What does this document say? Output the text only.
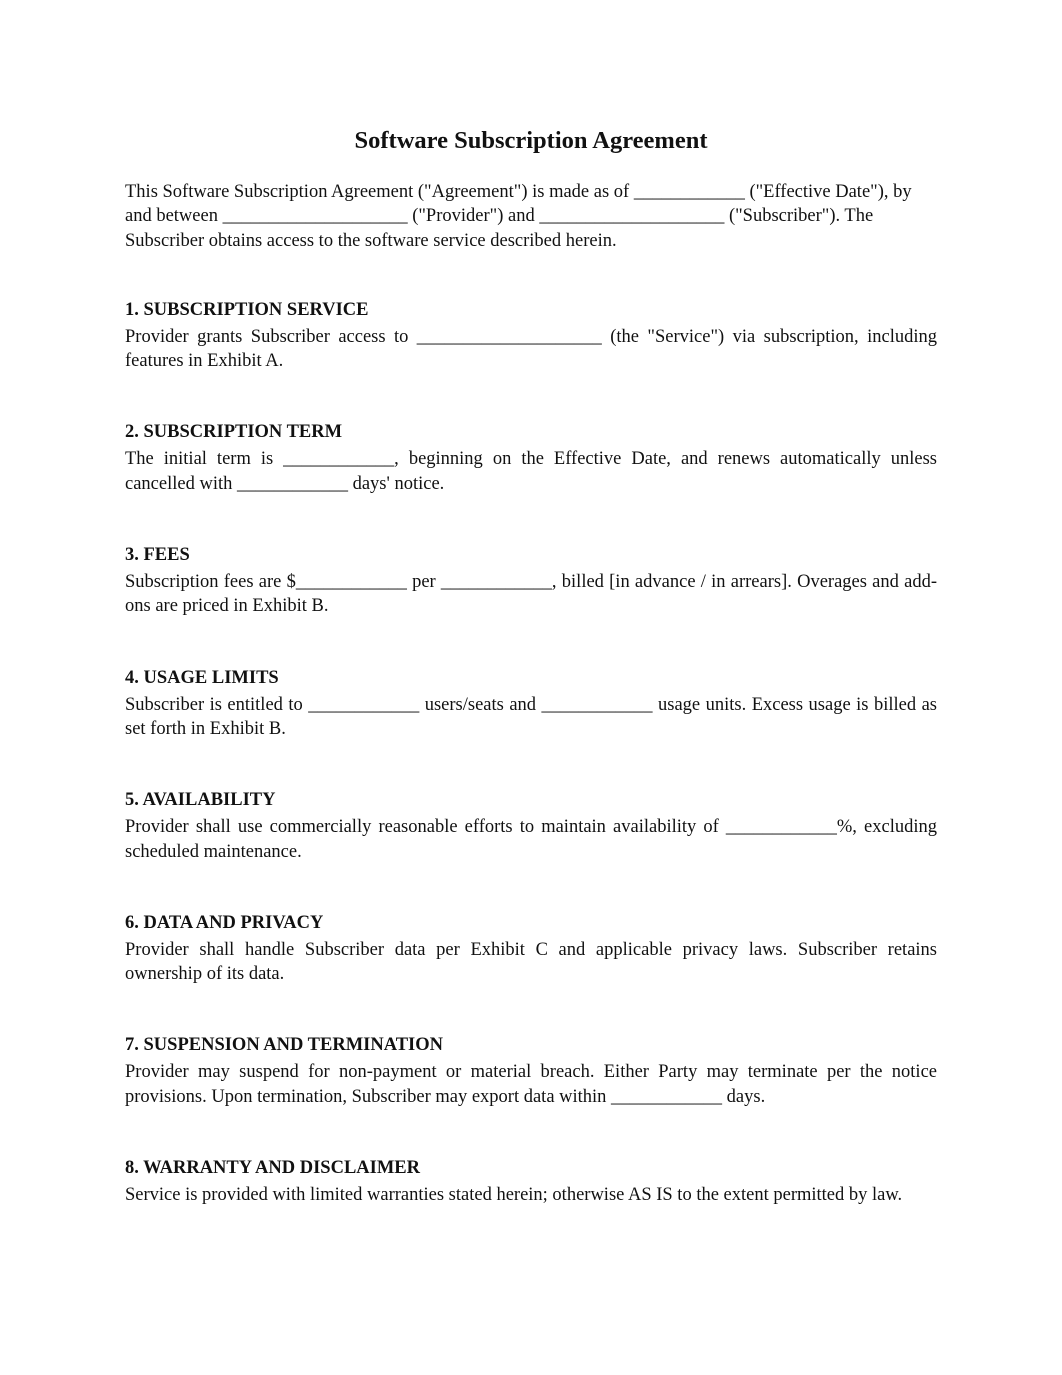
Software Subscription Agreement

This Software Subscription Agreement ("Agreement") is made as of ____________ ("Effective Date"), by and between ____________________ ("Provider") and ____________________ ("Subscriber"). The Subscriber obtains access to the software service described herein.

1. SUBSCRIPTION SERVICE

Provider grants Subscriber access to ____________________ (the "Service") via subscription, including features in Exhibit A.

2. SUBSCRIPTION TERM

The initial term is ____________, beginning on the Effective Date, and renews automatically unless cancelled with ____________ days' notice.

3. FEES

Subscription fees are $____________ per ____________, billed [in advance / in arrears]. Overages and add-ons are priced in Exhibit B.

4. USAGE LIMITS

Subscriber is entitled to ____________ users/seats and ____________ usage units. Excess usage is billed as set forth in Exhibit B.

5. AVAILABILITY

Provider shall use commercially reasonable efforts to maintain availability of ____________%, excluding scheduled maintenance.

6. DATA AND PRIVACY

Provider shall handle Subscriber data per Exhibit C and applicable privacy laws. Subscriber retains ownership of its data.

7. SUSPENSION AND TERMINATION

Provider may suspend for non-payment or material breach. Either Party may terminate per the notice provisions. Upon termination, Subscriber may export data within ____________ days.

8. WARRANTY AND DISCLAIMER

Service is provided with limited warranties stated herein; otherwise AS IS to the extent permitted by law.
